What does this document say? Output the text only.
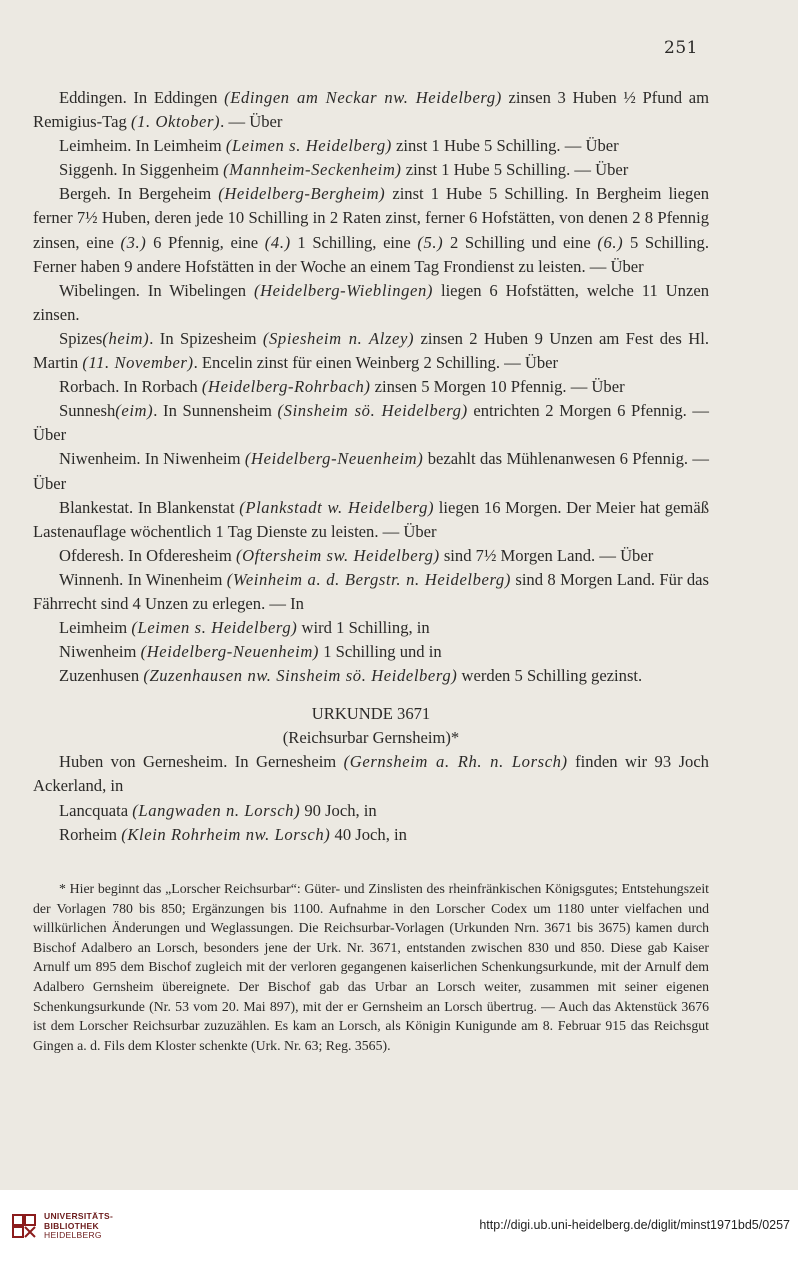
251

Eddingen. In Eddingen (Edingen am Neckar nw. Heidelberg) zinsen 3 Huben ½ Pfund am Remigius-Tag (1. Oktober). — Über

Leimheim. In Leimheim (Leimen s. Heidelberg) zinst 1 Hube 5 Schilling. — Über

Siggenh. In Siggenheim (Mannheim-Seckenheim) zinst 1 Hube 5 Schilling. — Über

Bergeh. In Bergeheim (Heidelberg-Bergheim) zinst 1 Hube 5 Schilling. In Bergheim liegen ferner 7½ Huben, deren jede 10 Schilling in 2 Raten zinst, ferner 6 Hofstätten, von denen 2 8 Pfennig zinsen, eine (3.) 6 Pfennig, eine (4.) 1 Schilling, eine (5.) 2 Schilling und eine (6.) 5 Schilling. Ferner haben 9 andere Hofstätten in der Woche an einem Tag Frondienst zu leisten. — Über

Wibelingen. In Wibelingen (Heidelberg-Wieblingen) liegen 6 Hofstätten, welche 11 Unzen zinsen.

Spizes(heim). In Spizesheim (Spiesheim n. Alzey) zinsen 2 Huben 9 Unzen am Fest des Hl. Martin (11. November). Encelin zinst für einen Weinberg 2 Schilling. — Über

Rorbach. In Rorbach (Heidelberg-Rohrbach) zinsen 5 Morgen 10 Pfennig. — Über

Sunnesh(eim). In Sunnensheim (Sinsheim sö. Heidelberg) entrichten 2 Morgen 6 Pfennig. — Über

Niwenheim. In Niwenheim (Heidelberg-Neuenheim) bezahlt das Mühlenanwesen 6 Pfennig. — Über

Blankestat. In Blankenstat (Plankstadt w. Heidelberg) liegen 16 Morgen. Der Meier hat gemäß Lastenauflage wöchentlich 1 Tag Dienste zu leisten. — Über

Ofderesh. In Ofderesheim (Oftersheim sw. Heidelberg) sind 7½ Morgen Land. — Über

Winnenh. In Winenheim (Weinheim a. d. Bergstr. n. Heidelberg) sind 8 Morgen Land. Für das Fährrecht sind 4 Unzen zu erlegen. — In

Leimheim (Leimen s. Heidelberg) wird 1 Schilling, in

Niwenheim (Heidelberg-Neuenheim) 1 Schilling und in

Zuzenhusen (Zuzenhausen nw. Sinsheim sö. Heidelberg) werden 5 Schilling gezinst.

URKUNDE 3671
(Reichsurbar Gernsheim)*

Huben von Gernesheim. In Gernesheim (Gernsheim a. Rh. n. Lorsch) finden wir 93 Joch Ackerland, in

Lancquata (Langwaden n. Lorsch) 90 Joch, in

Rorheim (Klein Rohrheim nw. Lorsch) 40 Joch, in

* Hier beginnt das „Lorscher Reichsurbar“: Güter- und Zinslisten des rheinfränkischen Königsgutes; Entstehungszeit der Vorlagen 780 bis 850; Ergänzungen bis 1100. Aufnahme in den Lorscher Codex um 1180 unter vielfachen und willkürlichen Änderungen und Weglassungen. Die Reichsurbar-Vorlagen (Urkunden Nrn. 3671 bis 3675) kamen durch Bischof Adalbero an Lorsch, besonders jene der Urk. Nr. 3671, entstanden zwischen 830 und 850. Diese gab Kaiser Arnulf um 895 dem Bischof zugleich mit der verloren gegangenen kaiserlichen Schenkungsurkunde, mit der Arnulf dem Adalbero Gernsheim übereignete. Der Bischof gab das Urbar an Lorsch weiter, zusammen mit seiner eigenen Schenkungsurkunde (Nr. 53 vom 20. Mai 897), mit der er Gernsheim an Lorsch übertrug. — Auch das Aktenstück 3676 ist dem Lorscher Reichsurbar zuzuzählen. Es kam an Lorsch, als Königin Kunigunde am 8. Februar 915 das Reichsgut Gingen a. d. Fils dem Kloster schenkte (Urk. Nr. 63; Reg. 3565).

UNIVERSITÄTS-
BIBLIOTHEK
HEIDELBERG
http://digi.ub.uni-heidelberg.de/diglit/minst1971bd5/0257
